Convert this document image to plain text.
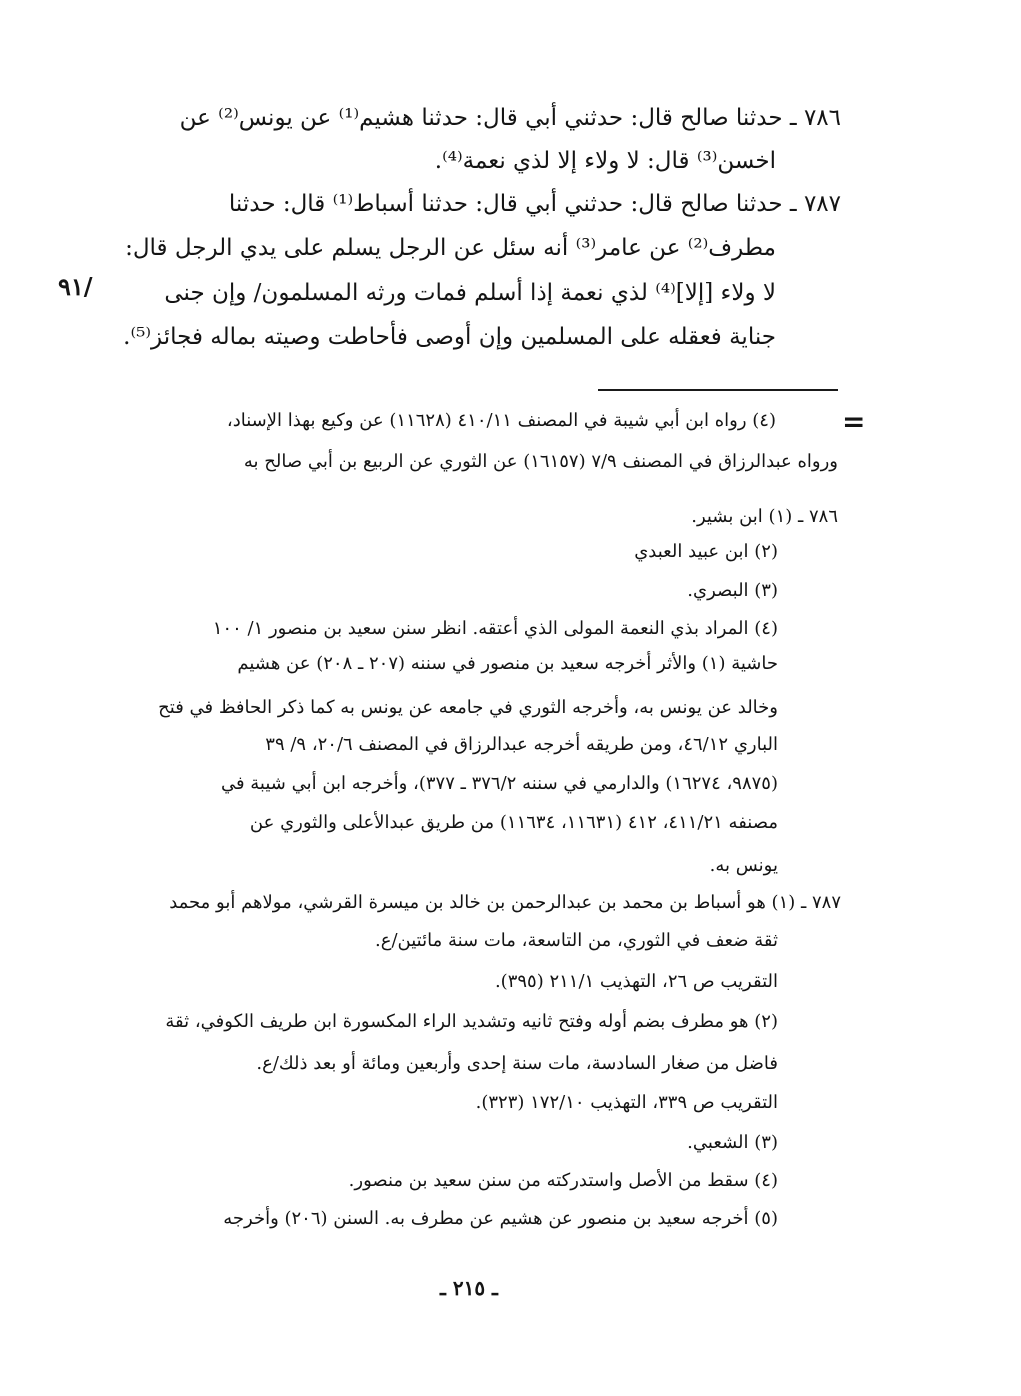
٧٨٦ ـ حدثنا صالح قال: حدثني أبي قال: حدثنا هشيم⁽¹⁾ عن يونس⁽²⁾ عن
اخسن⁽³⁾ قال: لا ولاء إلا لذي نعمة⁽⁴⁾.
٧٨٧ ـ حدثنا صالح قال: حدثني أبي قال: حدثنا أسباط⁽¹⁾ قال: حدثنا
مطرف⁽²⁾ عن عامر⁽³⁾ أنه سئل عن الرجل يسلم على يدي الرجل قال:
لا ولاء [إلا]⁽⁴⁾ لذي نعمة إذا أسلم فمات ورثه المسلمون/ وإن جنى
جناية فعقله على المسلمين وإن أوصى فأحاطت وصيته بماله فجائز⁽⁵⁾.
٩١/
=
(٤) رواه ابن أبي شيبة في المصنف ٤١٠/١١ (١١٦٢٨) عن وكيع بهذا الإسناد،
ورواه عبدالرزاق في المصنف ٧/٩ (١٦١٥٧) عن الثوري عن الربيع بن أبي صالح به
٧٨٦ ـ (١) ابن بشير.
(٢) ابن عبيد العبدي
(٣) البصري.
(٤) المراد بذي النعمة المولى الذي أعتقه. انظر سنن سعيد بن منصور ١/ ١٠٠
حاشية (١) والأثر أخرجه سعيد بن منصور في سننه (٢٠٧ ـ ٢٠٨) عن هشيم
وخالد عن يونس به، وأخرجه الثوري في جامعه عن يونس به كما ذكر الحافظ في فتح
الباري ٤٦/١٢، ومن طريقه أخرجه عبدالرزاق في المصنف ٢٠/٦، ٩/ ٣٩
(٩٨٧٥، ١٦٢٧٤) والدارمي في سننه ٣٧٦/٢ ـ ٣٧٧)، وأخرجه ابن أبي شيبة في
مصنفه ٤١١/٢١، ٤١٢ (١١٦٣١، ١١٦٣٤) من طريق عبدالأعلى والثوري عن
يونس به.
٧٨٧ ـ (١) هو أسباط بن محمد بن عبدالرحمن بن خالد بن ميسرة القرشي، مولاهم أبو محمد
ثقة ضعف في الثوري، من التاسعة، مات سنة مائتين/ع.
التقريب ص ٢٦، التهذيب ٢١١/١ (٣٩٥).
(٢) هو مطرف بضم أوله وفتح ثانيه وتشديد الراء المكسورة ابن طريف الكوفي، ثقة
فاضل من صغار السادسة، مات سنة إحدى وأربعين ومائة أو بعد ذلك/ع.
التقريب ص ٣٣٩، التهذيب ١٧٢/١٠ (٣٢٣).
(٣) الشعبي.
(٤) سقط من الأصل واستدركته من سنن سعيد بن منصور.
(٥) أخرجه سعيد بن منصور عن هشيم عن مطرف به. السنن (٢٠٦) وأخرجه
ـ ٢١٥ ـ
